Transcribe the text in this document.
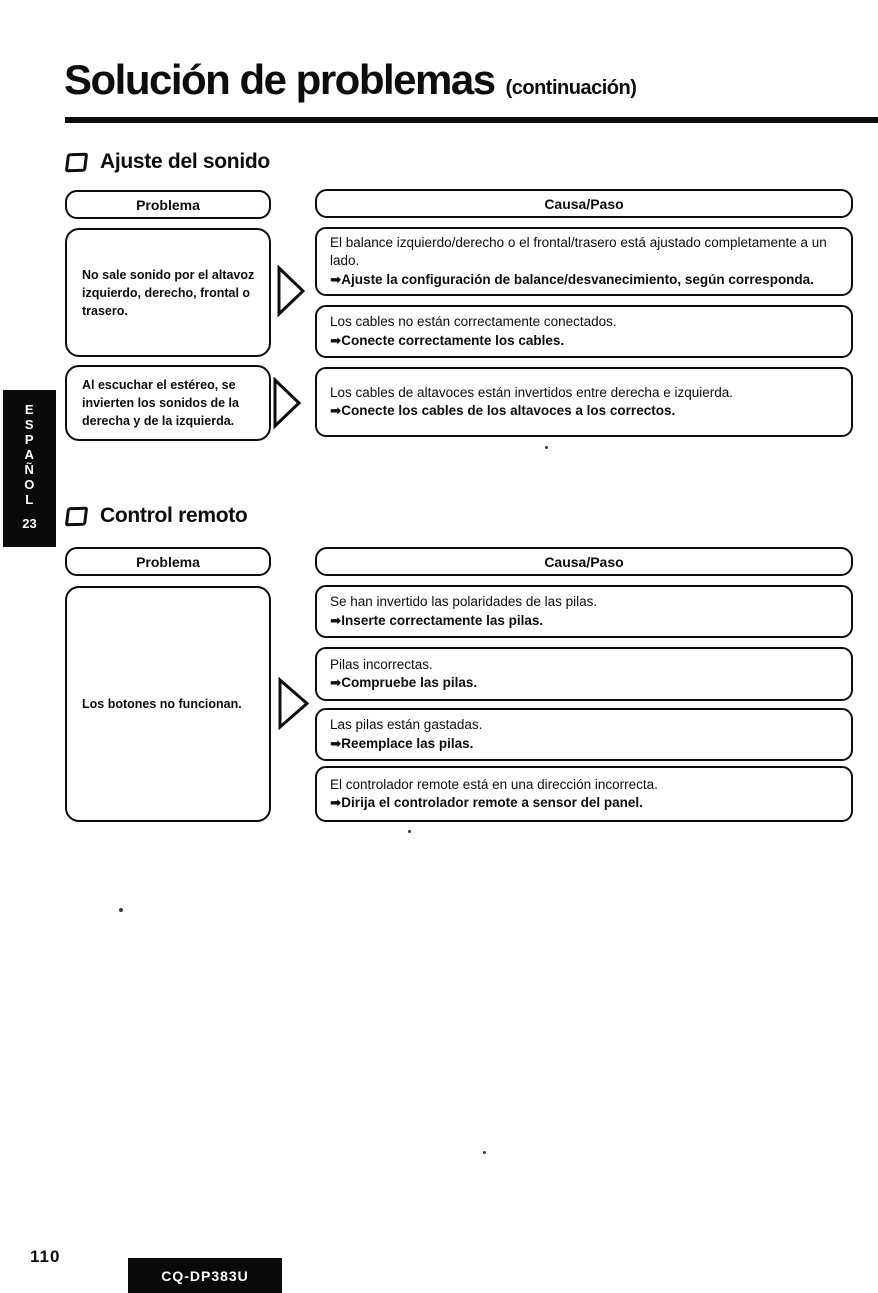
Solución de problemas (continuación)
E
S
P
A
Ñ
O
L
23
Ajuste del sonido
Problema	Causa/Paso
No sale sonido por el altavoz izquierdo, derecho, frontal o trasero.
El balance izquierdo/derecho o el frontal/trasero está ajustado completamente a un lado.
➡Ajuste la configuración de balance/desvanecimiento, según corresponda.
Los cables no están correctamente conectados.
➡Conecte correctamente los cables.
Al escuchar el estéreo, se invierten los sonidos de la derecha y de la izquierda.
Los cables de altavoces están invertidos entre derecha e izquierda.
➡Conecte los cables de los altavoces a los correctos.
Control remoto
Problema	Causa/Paso
Los botones no funcionan.
Se han invertido las polaridades de las pilas.
➡Inserte correctamente las pilas.
Pilas incorrectas.
➡Compruebe las pilas.
Las pilas están gastadas.
➡Reemplace las pilas.
El controlador remote está en una dirección incorrecta.
➡Dirija el controlador remote a sensor del panel.
110
CQ-DP383U
